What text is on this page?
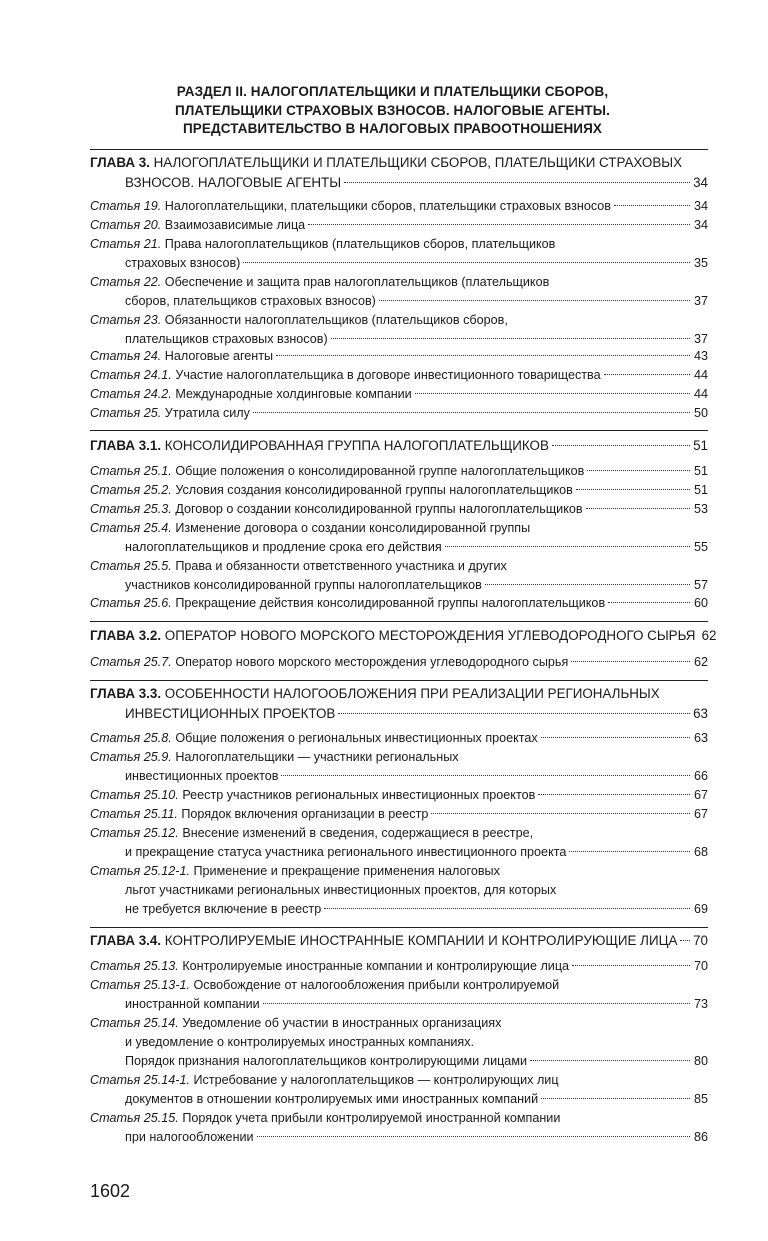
РАЗДЕЛ II. НАЛОГОПЛАТЕЛЬЩИКИ И ПЛАТЕЛЬЩИКИ СБОРОВ,
ПЛАТЕЛЬЩИКИ СТРАХОВЫХ ВЗНОСОВ. НАЛОГОВЫЕ АГЕНТЫ.
ПРЕДСТАВИТЕЛЬСТВО В НАЛОГОВЫХ ПРАВООТНОШЕНИЯХ
ГЛАВА 3. НАЛОГОПЛАТЕЛЬЩИКИ И ПЛАТЕЛЬЩИКИ СБОРОВ, ПЛАТЕЛЬЩИКИ СТРАХОВЫХ
ВЗНОСОВ. НАЛОГОВЫЕ АГЕНТЫ	34
Статья 19. Налогоплательщики, плательщики сборов, плательщики страховых взносов	34
Статья 20. Взаимозависимые лица	34
Статья 21. Права налогоплательщиков (плательщиков сборов, плательщиков
страховых взносов)	35
Статья 22. Обеспечение и защита прав налогоплательщиков (плательщиков
сборов, плательщиков страховых взносов)	37
Статья 23. Обязанности налогоплательщиков (плательщиков сборов,
плательщиков страховых взносов)	37
Статья 24. Налоговые агенты	43
Статья 24.1. Участие налогоплательщика в договоре инвестиционного товарищества	44
Статья 24.2. Международные холдинговые компании	44
Статья 25. Утратила силу	50
ГЛАВА 3.1. КОНСОЛИДИРОВАННАЯ ГРУППА НАЛОГОПЛАТЕЛЬЩИКОВ	51
Статья 25.1. Общие положения о консолидированной группе налогоплательщиков	51
Статья 25.2. Условия создания консолидированной группы налогоплательщиков	51
Статья 25.3. Договор о создании консолидированной группы налогоплательщиков	53
Статья 25.4. Изменение договора о создании консолидированной группы
налогоплательщиков и продление срока его действия	55
Статья 25.5. Права и обязанности ответственного участника и других
участников консолидированной группы налогоплательщиков	57
Статья 25.6. Прекращение действия консолидированной группы налогоплательщиков	60
ГЛАВА 3.2. ОПЕРАТОР НОВОГО МОРСКОГО МЕСТОРОЖДЕНИЯ УГЛЕВОДОРОДНОГО СЫРЬЯ 62
Статья 25.7. Оператор нового морского месторождения углеводородного сырья	62
ГЛАВА 3.3. ОСОБЕННОСТИ НАЛОГООБЛОЖЕНИЯ ПРИ РЕАЛИЗАЦИИ РЕГИОНАЛЬНЫХ
ИНВЕСТИЦИОННЫХ ПРОЕКТОВ	63
Статья 25.8. Общие положения о региональных инвестиционных проектах	63
Статья 25.9. Налогоплательщики — участники региональных
инвестиционных проектов	66
Статья 25.10. Реестр участников региональных инвестиционных проектов	67
Статья 25.11. Порядок включения организации в реестр	67
Статья 25.12. Внесение изменений в сведения, содержащиеся в реестре,
и прекращение статуса участника регионального инвестиционного проекта	68
Статья 25.12-1. Применение и прекращение применения налоговых
льгот участниками региональных инвестиционных проектов, для которых
не требуется включение в реестр	69
ГЛАВА 3.4. КОНТРОЛИРУЕМЫЕ ИНОСТРАННЫЕ КОМПАНИИ И КОНТРОЛИРУЮЩИЕ ЛИЦА 70
Статья 25.13. Контролируемые иностранные компании и контролирующие лица	70
Статья 25.13-1. Освобождение от налогообложения прибыли контролируемой
иностранной компании	73
Статья 25.14. Уведомление об участии в иностранных организациях
и уведомление о контролируемых иностранных компаниях.
Порядок признания налогоплательщиков контролирующими лицами	80
Статья 25.14-1. Истребование у налогоплательщиков — контролирующих лиц
документов в отношении контролируемых ими иностранных компаний	85
Статья 25.15. Порядок учета прибыли контролируемой иностранной компании
при налогообложении	86
1602
